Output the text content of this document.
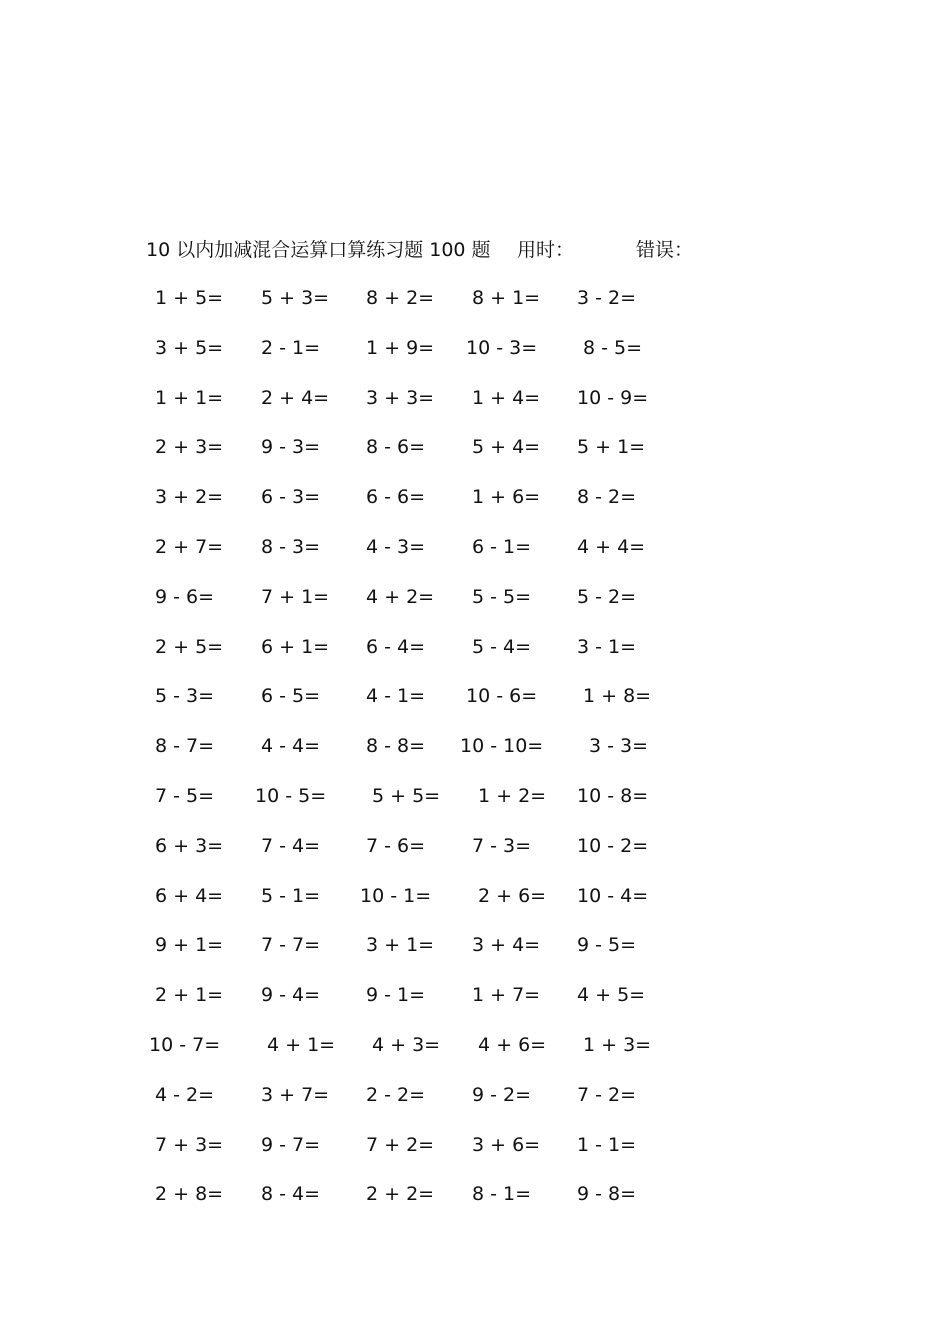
10 以内加减混合运算口算练习题 100 题 用时：	错误：
1 + 5= 5 + 3= 8 + 2= 8 + 1= 3 - 2=
3 + 5= 2 - 1= 1 + 9= 10 - 3= 8 - 5=
1 + 1= 2 + 4= 3 + 3= 1 + 4= 10 - 9=
2 + 3= 9 - 3= 8 - 6= 5 + 4= 5 + 1=
3 + 2= 6 - 3= 6 - 6= 1 + 6= 8 - 2=
2 + 7= 8 - 3= 4 - 3= 6 - 1= 4 + 4=
9 - 6= 7 + 1= 4 + 2= 5 - 5= 5 - 2=
2 + 5= 6 + 1= 6 - 4= 5 - 4= 3 - 1=
5 - 3= 6 - 5= 4 - 1= 10 - 6= 1 + 8=
8 - 7= 4 - 4= 8 - 8= 10 - 10= 3 - 3=
7 - 5= 10 - 5= 5 + 5= 1 + 2= 10 - 8=
6 + 3= 7 - 4= 7 - 6= 7 - 3= 10 - 2=
6 + 4= 5 - 1= 10 - 1= 2 + 6= 10 - 4=
9 + 1= 7 - 7= 3 + 1= 3 + 4= 9 - 5=
2 + 1= 9 - 4= 9 - 1= 1 + 7= 4 + 5=
10 - 7= 4 + 1= 4 + 3= 4 + 6= 1 + 3=
4 - 2= 3 + 7= 2 - 2= 9 - 2= 7 - 2=
7 + 3= 9 - 7= 7 + 2= 3 + 6= 1 - 1=
2 + 8= 8 - 4= 2 + 2= 8 - 1= 9 - 8=
